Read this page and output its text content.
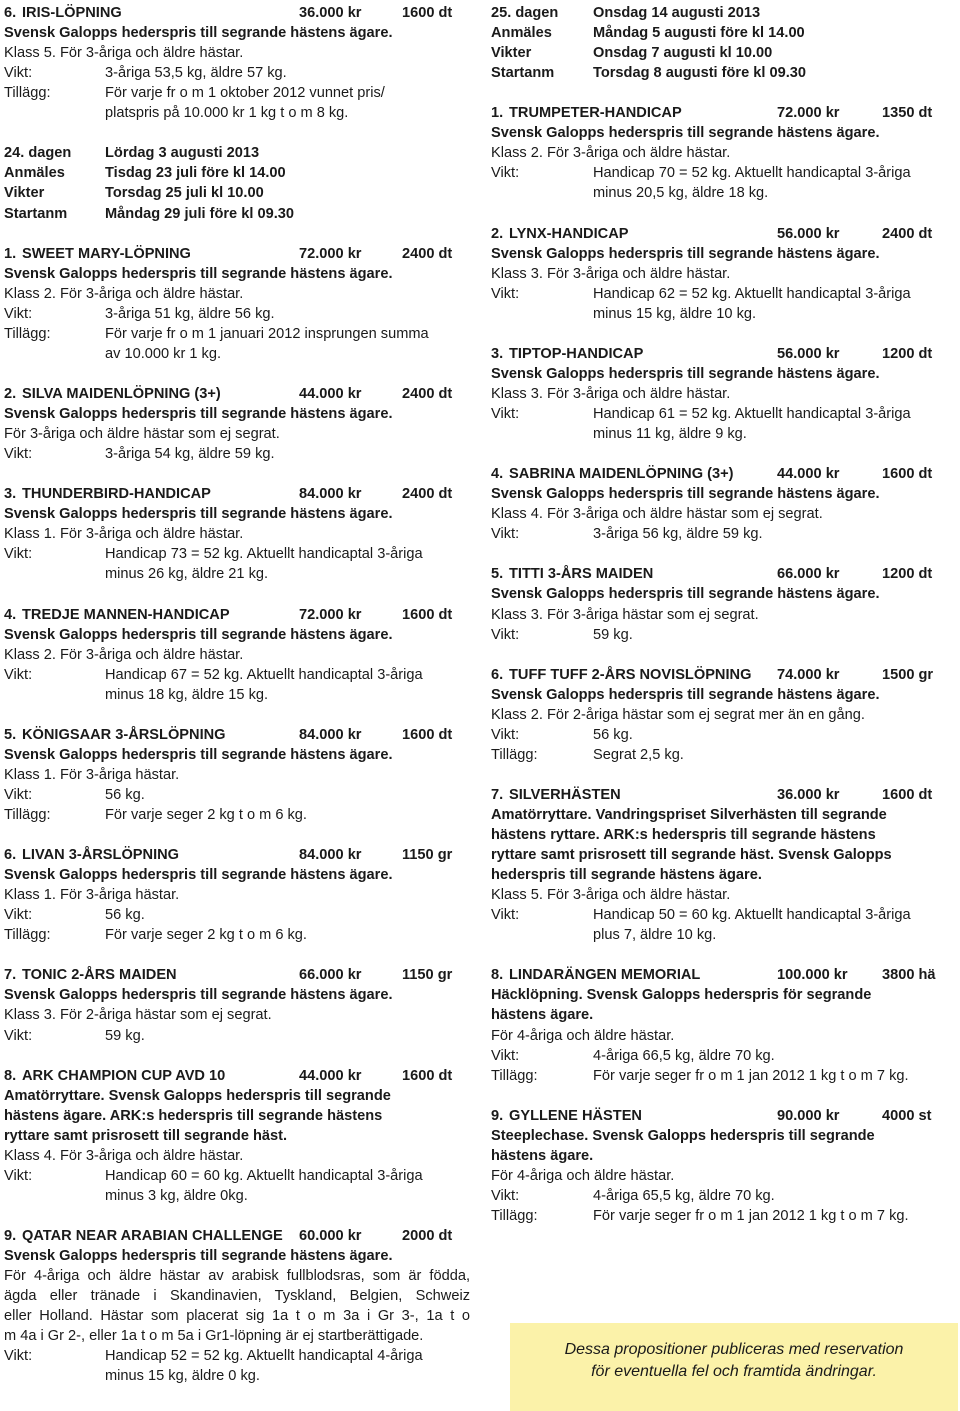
6. IRIS-LÖPNING	36.000 kr	1600 dt
Svensk Galopps hederspris till segrande hästens ägare.
Klass 5. För 3-åriga och äldre hästar.
Vikt:	3-åriga 53,5 kg, äldre 57 kg.
Tillägg:	För varje fr o m 1 oktober 2012 vunnet pris/
platspris på 10.000 kr 1 kg t o m 8 kg.
24. dagen Lördag 3 augusti 2013
Anmäles	Tisdag 23 juli före kl 14.00
Vikter	Torsdag 25 juli kl 10.00
Startanm	Måndag 29 juli före kl 09.30
1. SWEET MARY-LÖPNING	72.000 kr	2400 dt
Svensk Galopps hederspris till segrande hästens ägare.
Klass 2. För 3-åriga och äldre hästar.
Vikt:	3-åriga 51 kg, äldre 56 kg.
Tillägg:	För varje fr o m 1 januari 2012 insprungen summa
av 10.000 kr 1 kg.
2. SILVA MAIDENLÖPNING (3+)	44.000 kr	2400 dt
Svensk Galopps hederspris till segrande hästens ägare.
För 3-åriga och äldre hästar som ej segrat.
Vikt:	3-åriga 54 kg, äldre 59 kg.
3. THUNDERBIRD-HANDICAP	84.000 kr	2400 dt
Svensk Galopps hederspris till segrande hästens ägare.
Klass 1. För 3-åriga och äldre hästar.
Vikt:	Handicap 73 = 52 kg. Aktuellt handicaptal 3-åriga
minus 26 kg, äldre 21 kg.
4. TREDJE MANNEN-HANDICAP	72.000 kr	1600 dt
Svensk Galopps hederspris till segrande hästens ägare.
Klass 2. För 3-åriga och äldre hästar.
Vikt:	Handicap 67 = 52 kg. Aktuellt handicaptal 3-åriga
minus 18 kg, äldre 15 kg.
5. KÖNIGSAAR 3-ÅRSLÖPNING	84.000 kr	1600 dt
Svensk Galopps hederspris till segrande hästens ägare.
Klass 1. För 3-åriga hästar.
Vikt:	56 kg.
Tillägg:	För varje seger 2 kg t o m 6 kg.
6. LIVAN 3-ÅRSLÖPNING	84.000 kr	1150 gr
Svensk Galopps hederspris till segrande hästens ägare.
Klass 1. För 3-åriga hästar.
Vikt:	56 kg.
Tillägg:	För varje seger 2 kg t o m 6 kg.
7. TONIC 2-ÅRS MAIDEN	66.000 kr	1150 gr
Svensk Galopps hederspris till segrande hästens ägare.
Klass 3. För 2-åriga hästar som ej segrat.
Vikt:	59 kg.
8. ARK CHAMPION CUP AVD 10	44.000 kr	1600 dt
Amatörryttare. Svensk Galopps hederspris till segrande
hästens ägare. ARK:s hederspris till segrande hästens
ryttare samt prisrosett till segrande häst.
Klass 4. För 3-åriga och äldre hästar.
Vikt:	Handicap 60 = 60 kg. Aktuellt handicaptal 3-åriga
minus 3 kg, äldre 0kg.
9. QATAR NEAR ARABIAN CHALLENGE 60.000 kr	2000 dt
Svensk Galopps hederspris till segrande hästens ägare.
För 4-åriga och äldre hästar av arabisk fullblodsras, som är födda,
ägda eller tränade i Skandinavien, Tyskland, Belgien, Schweiz
eller Holland. Hästar som placerat sig 1a t o m 3a i Gr 3-, 1a t o
m 4a i Gr 2-, eller 1a t o m 5a i Gr1-löpning är ej startberättigade.
Vikt:	Handicap 52 = 52 kg. Aktuellt handicaptal 4-åriga
minus 15 kg, äldre 0 kg.
25. dagen Onsdag 14 augusti 2013
Anmäles	Måndag 5 augusti före kl 14.00
Vikter	Onsdag 7 augusti kl 10.00
Startanm	Torsdag 8 augusti före kl 09.30
1. TRUMPETER-HANDICAP	72.000 kr	1350 dt
Svensk Galopps hederspris till segrande hästens ägare.
Klass 2. För 3-åriga och äldre hästar.
Vikt:	Handicap 70 = 52 kg. Aktuellt handicaptal 3-åriga
minus 20,5 kg, äldre 18 kg.
2. LYNX-HANDICAP	56.000 kr	2400 dt
Svensk Galopps hederspris till segrande hästens ägare.
Klass 3. För 3-åriga och äldre hästar.
Vikt:	Handicap 62 = 52 kg. Aktuellt handicaptal 3-åriga
minus 15 kg, äldre 10 kg.
3. TIPTOP-HANDICAP	56.000 kr	1200 dt
Svensk Galopps hederspris till segrande hästens ägare.
Klass 3. För 3-åriga och äldre hästar.
Vikt:	Handicap 61 = 52 kg. Aktuellt handicaptal 3-åriga
minus 11 kg, äldre 9 kg.
4. SABRINA MAIDENLÖPNING (3+)	44.000 kr	1600 dt
Svensk Galopps hederspris till segrande hästens ägare.
Klass 4. För 3-åriga och äldre hästar som ej segrat.
Vikt:	3-åriga 56 kg, äldre 59 kg.
5. TITTI 3-ÅRS MAIDEN	66.000 kr	1200 dt
Svensk Galopps hederspris till segrande hästens ägare.
Klass 3. För 3-åriga hästar som ej segrat.
Vikt:	59 kg.
6. TUFF TUFF 2-ÅRS NOVISLÖPNING 74.000 kr	1500 gr
Svensk Galopps hederspris till segrande hästens ägare.
Klass 2. För 2-åriga hästar som ej segrat mer än en gång.
Vikt:	56 kg.
Tillägg:	Segrat 2,5 kg.
7. SILVERHÄSTEN	36.000 kr	1600 dt
Amatörryttare. Vandringspriset Silverhästen till segrande
hästens ryttare. ARK:s hederspris till segrande hästens
ryttare samt prisrosett till segrande häst. Svensk Galopps
hederspris till segrande hästens ägare.
Klass 5. För 3-åriga och äldre hästar.
Vikt:	Handicap 50 = 60 kg. Aktuellt handicaptal 3-åriga
plus 7, äldre 10 kg.
8. LINDARÄNGEN MEMORIAL	100.000 kr 3800 hä
Häcklöpning. Svensk Galopps hederspris för segrande
hästens ägare.
För 4-åriga och äldre hästar.
Vikt:	4-åriga 66,5 kg, äldre 70 kg.
Tillägg:	För varje seger fr o m 1 jan 2012 1 kg t o m 7 kg.
9. GYLLENE HÄSTEN	90.000 kr	4000 st
Steeplechase. Svensk Galopps hederspris till segrande
hästens ägare.
För 4-åriga och äldre hästar.
Vikt:	4-åriga 65,5 kg, äldre 70 kg.
Tillägg:	För varje seger fr o m 1 jan 2012 1 kg t o m 7 kg.
Dessa propositioner publiceras med reservation
för eventuella fel och framtida ändringar.
